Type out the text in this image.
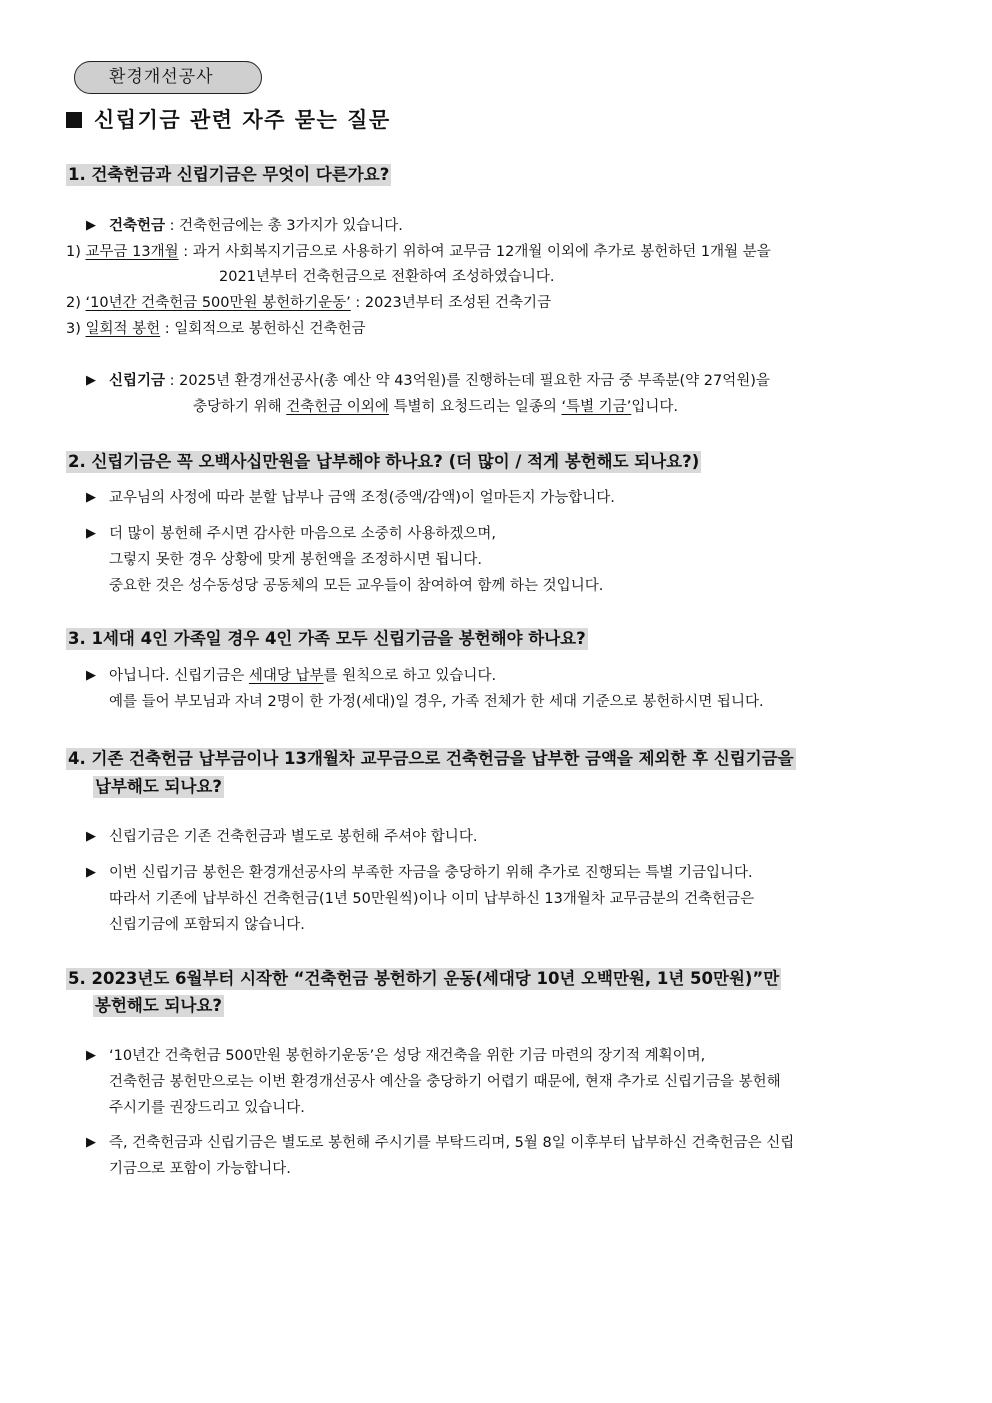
환경개선공사
신립기금 관련 자주 묻는 질문
1. 건축헌금과 신립기금은 무엇이 다른가요?
▶ 건축헌금 : 건축헌금에는 총 3가지가 있습니다.
1) 교무금 13개월 : 과거 사회복지기금으로 사용하기 위하여 교무금 12개월 이외에 추가로 봉헌하던 1개월 분을
2021년부터 건축헌금으로 전환하여 조성하였습니다.
2) ‘10년간 건축헌금 500만원 봉헌하기운동’ : 2023년부터 조성된 건축기금
3) 일회적 봉헌 : 일회적으로 봉헌하신 건축헌금
▶ 신립기금 : 2025년 환경개선공사(총 예산 약 43억원)를 진행하는데 필요한 자금 중 부족분(약 27억원)을
충당하기 위해 건축헌금 이외에 특별히 요청드리는 일종의 ‘특별 기금’입니다.
2. 신립기금은 꼭 오백사십만원을 납부해야 하나요? (더 많이 / 적게 봉헌해도 되나요?)
▶ 교우님의 사정에 따라 분할 납부나 금액 조정(증액/감액)이 얼마든지 가능합니다.
▶ 더 많이 봉헌해 주시면 감사한 마음으로 소중히 사용하겠으며,
그렇지 못한 경우 상황에 맞게 봉헌액을 조정하시면 됩니다.
중요한 것은 성수동성당 공동체의 모든 교우들이 참여하여 함께 하는 것입니다.
3. 1세대 4인 가족일 경우 4인 가족 모두 신립기금을 봉헌해야 하나요?
▶ 아닙니다. 신립기금은 세대당 납부를 원칙으로 하고 있습니다.
예를 들어 부모님과 자녀 2명이 한 가정(세대)일 경우, 가족 전체가 한 세대 기준으로 봉헌하시면 됩니다.
4. 기존 건축헌금 납부금이나 13개월차 교무금으로 건축헌금을 납부한 금액을 제외한 후 신립기금을
납부해도 되나요?
▶ 신립기금은 기존 건축헌금과 별도로 봉헌해 주셔야 합니다.
▶ 이번 신립기금 봉헌은 환경개선공사의 부족한 자금을 충당하기 위해 추가로 진행되는 특별 기금입니다.
따라서 기존에 납부하신 건축헌금(1년 50만원씩)이나 이미 납부하신 13개월차 교무금분의 건축헌금은
신립기금에 포함되지 않습니다.
5. 2023년도 6월부터 시작한 “건축헌금 봉헌하기 운동(세대당 10년 오백만원, 1년 50만원)”만
봉헌해도 되나요?
▶ ‘10년간 건축헌금 500만원 봉헌하기운동’은 성당 재건축을 위한 기금 마련의 장기적 계획이며,
건축헌금 봉헌만으로는 이번 환경개선공사 예산을 충당하기 어렵기 때문에, 현재 추가로 신립기금을 봉헌해
주시기를 권장드리고 있습니다.
▶ 즉, 건축헌금과 신립기금은 별도로 봉헌해 주시기를 부탁드리며, 5월 8일 이후부터 납부하신 건축헌금은 신립
기금으로 포함이 가능합니다.
